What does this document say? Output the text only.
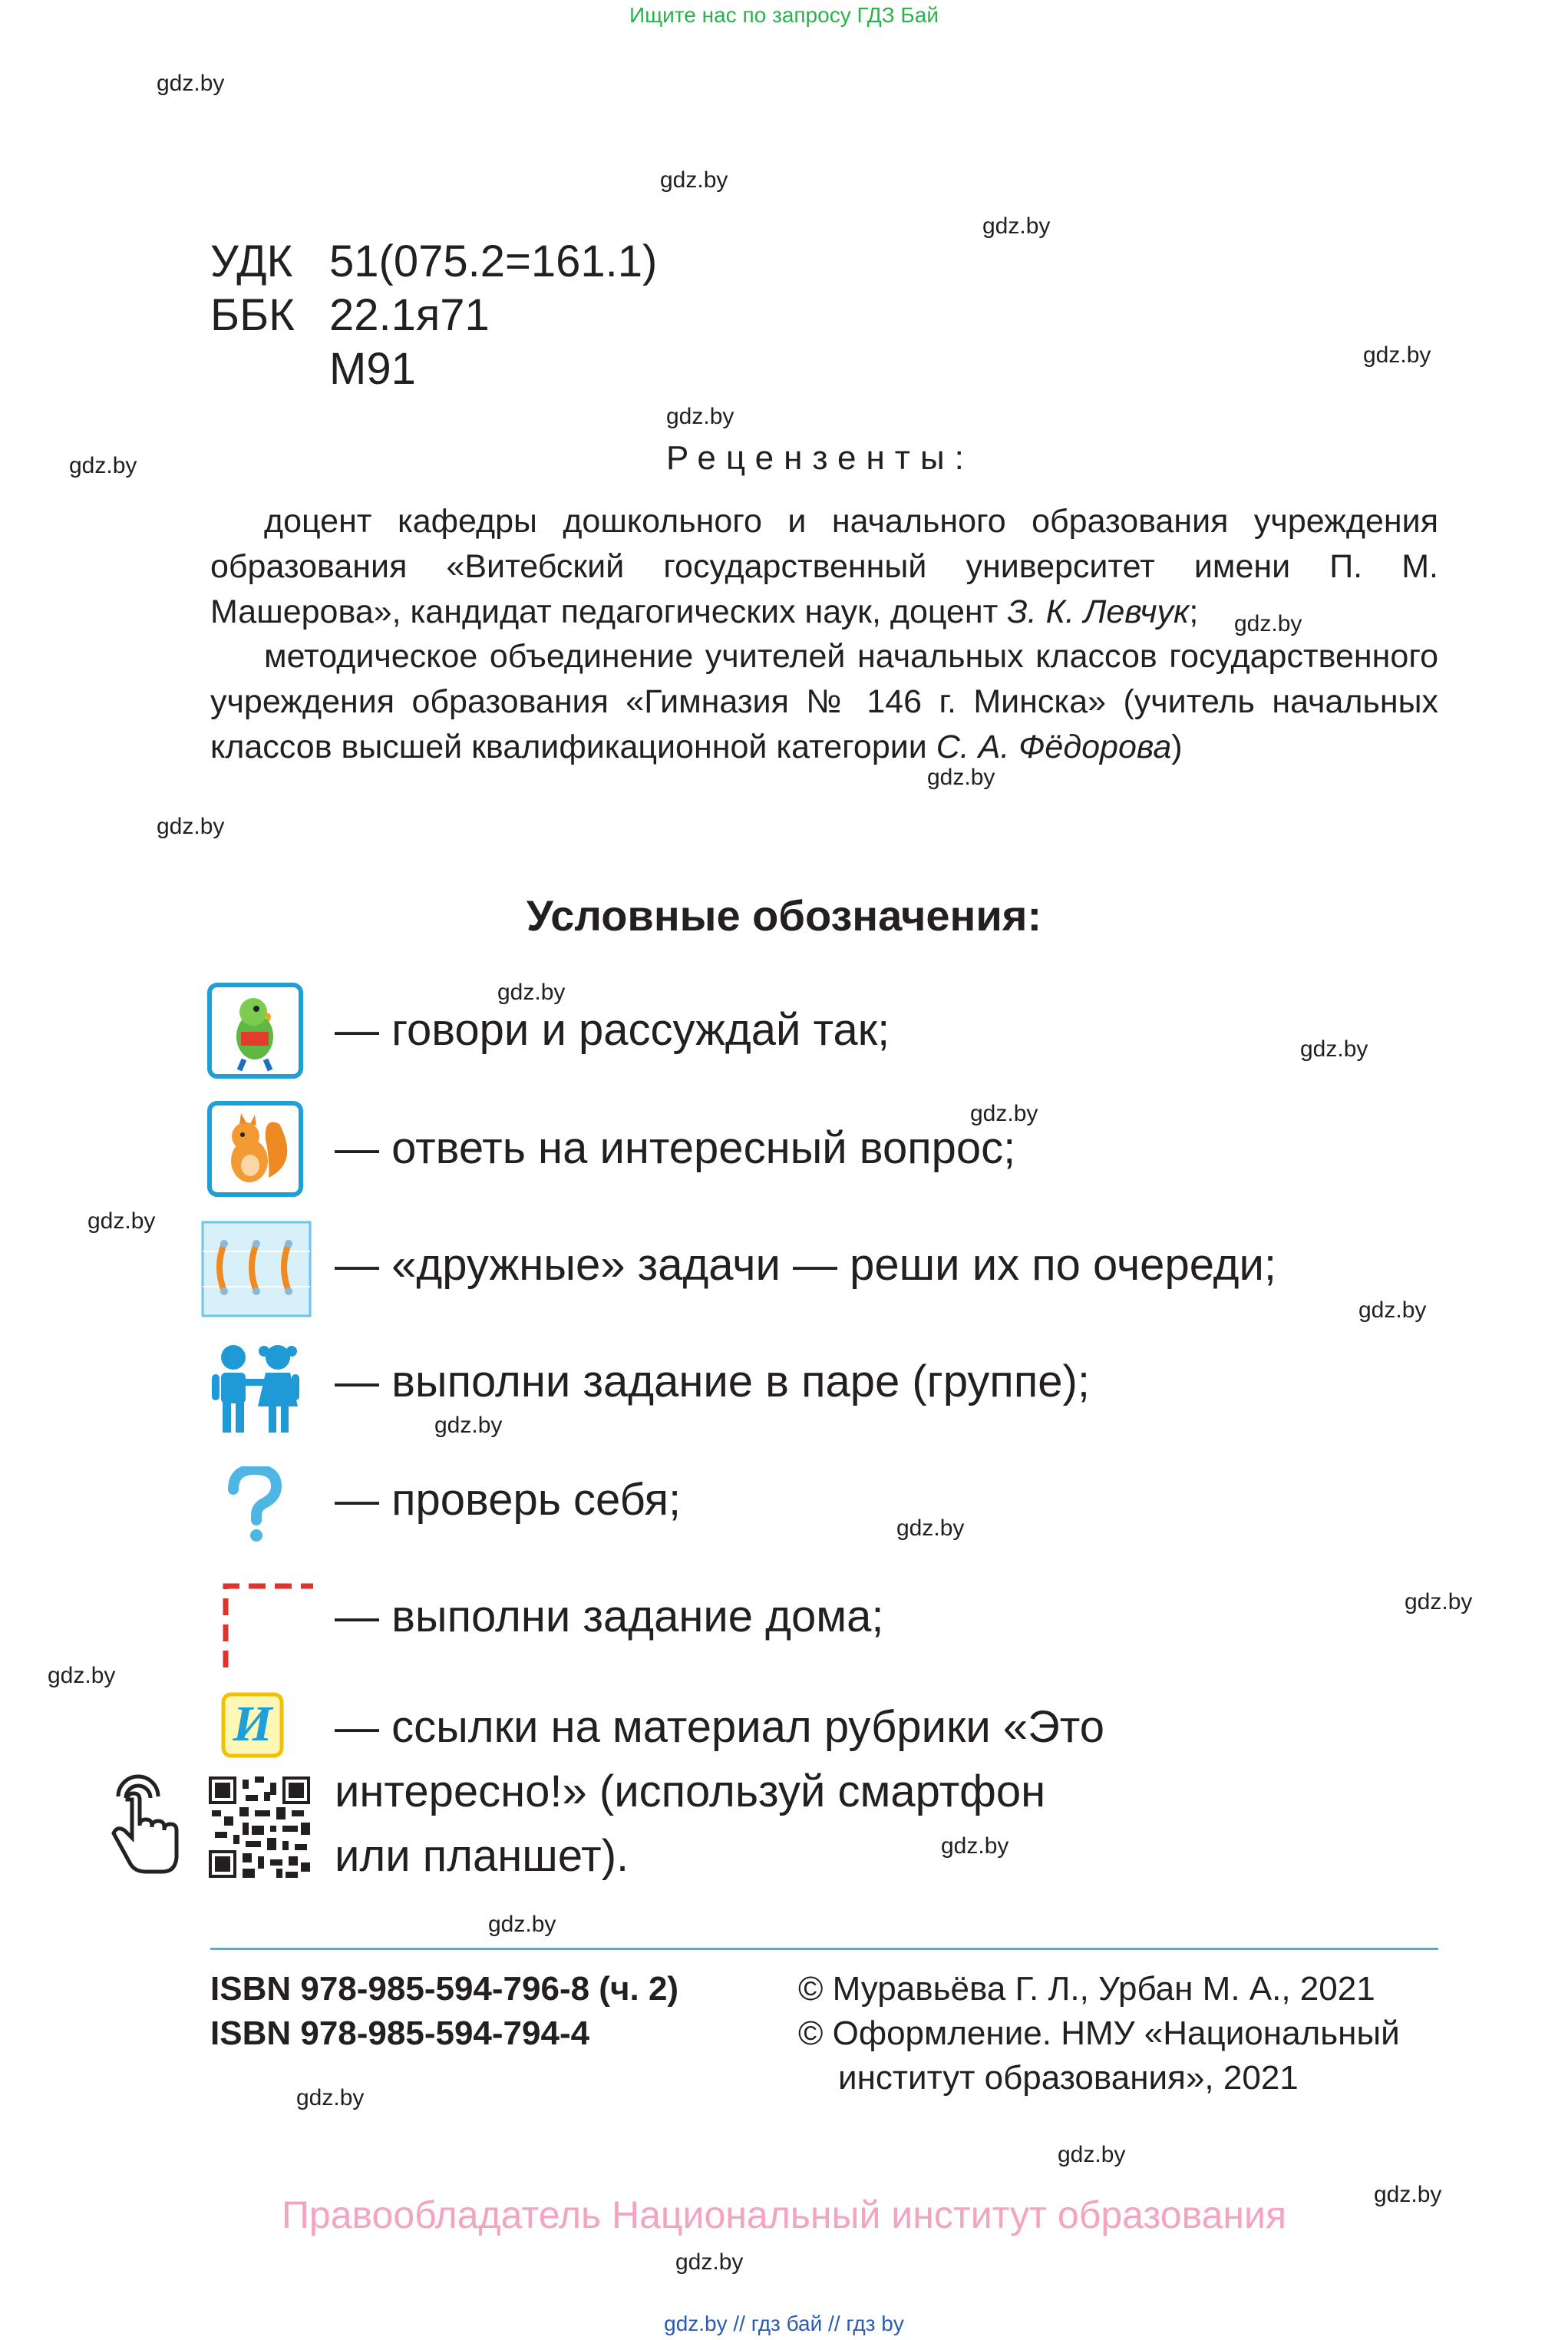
Ищите нас по запросу ГДЗ Бай
gdz.by
gdz.by
gdz.by
gdz.by
gdz.by
gdz.by
gdz.by
gdz.by
gdz.by
gdz.by
gdz.by
gdz.by
gdz.by
gdz.by
gdz.by
gdz.by
gdz.by
gdz.by
gdz.by
gdz.by
gdz.by
gdz.by
gdz.by
gdz.by
УДК 51(075.2=161.1)
ББК 22.1я71
М91
Рецензенты:
доцент кафедры дошкольного и начального образования учреждения образования «Витебский государственный университет имени П. М. Машерова», кандидат педагогических наук, доцент З. К. Левчук;
методическое объединение учителей начальных классов государственного учреждения образования «Гимназия № 146 г. Минска» (учитель начальных классов высшей квалификационной категории С. А. Фёдорова)
Условные обозначения:
— говори и рассуждай так;
— ответь на интересный вопрос;
— «дружные» задачи — реши их по очереди;
— выполни задание в паре (группе);
— проверь себя;
— выполни задание дома;
И — ссылки на материал рубрики «Это
интересно!» (используй смартфон
или планшет).
ISBN 978-985-594-796-8 (ч. 2)
ISBN 978-985-594-794-4
© Муравьёва Г. Л., Урбан М. А., 2021
© Оформление. НМУ «Национальный
институт образования», 2021
Правообладатель Национальный институт образования
gdz.by // гдз бай // гдз by
